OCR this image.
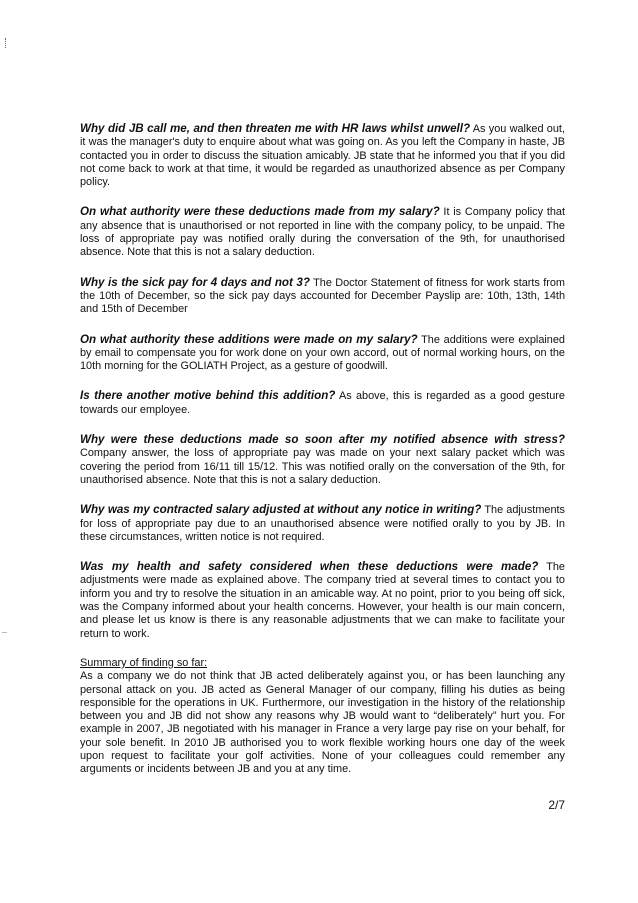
Why did JB call me, and then threaten me with HR laws whilst unwell? As you walked out, it was the manager's duty to enquire about what was going on. As you left the Company in haste, JB contacted you in order to discuss the situation amicably. JB state that he informed you that if you did not come back to work at that time, it would be regarded as unauthorized absence as per Company policy.

On what authority were these deductions made from my salary? It is Company policy that any absence that is unauthorised or not reported in line with the company policy, to be unpaid. The loss of appropriate pay was notified orally during the conversation of the 9th, for unauthorised absence. Note that this is not a salary deduction.

Why is the sick pay for 4 days and not 3? The Doctor Statement of fitness for work starts from the 10th of December, so the sick pay days accounted for December Payslip are: 10th, 13th, 14th and 15th of December

On what authority these additions were made on my salary? The additions were explained by email to compensate you for work done on your own accord, out of normal working hours, on the 10th morning for the GOLIATH Project, as a gesture of goodwill.

Is there another motive behind this addition? As above, this is regarded as a good gesture towards our employee.

Why were these deductions made so soon after my notified absence with stress? Company answer, the loss of appropriate pay was made on your next salary packet which was covering the period from 16/11 till 15/12. This was notified orally on the conversation of the 9th, for unauthorised absence. Note that this is not a salary deduction.

Why was my contracted salary adjusted at without any notice in writing? The adjustments for loss of appropriate pay due to an unauthorised absence were notified orally to you by JB. In these circumstances, written notice is not required.

Was my health and safety considered when these deductions were made? The adjustments were made as explained above. The company tried at several times to contact you to inform you and try to resolve the situation in an amicable way. At no point, prior to you being off sick, was the Company informed about your health concerns. However, your health is our main concern, and please let us know is there is any reasonable adjustments that we can make to facilitate your return to work.

Summary of finding so far:
As a company we do not think that JB acted deliberately against you, or has been launching any personal attack on you. JB acted as General Manager of our company, filling his duties as being responsible for the operations in UK. Furthermore, our investigation in the history of the relationship between you and JB did not show any reasons why JB would want to “deliberately” hurt you. For example in 2007, JB negotiated with his manager in France a very large pay rise on your behalf, for your sole benefit. In 2010 JB authorised you to work flexible working hours one day of the week upon request to facilitate your golf activities. None of your colleagues could remember any arguments or incidents between JB and you at any time.

2/7
